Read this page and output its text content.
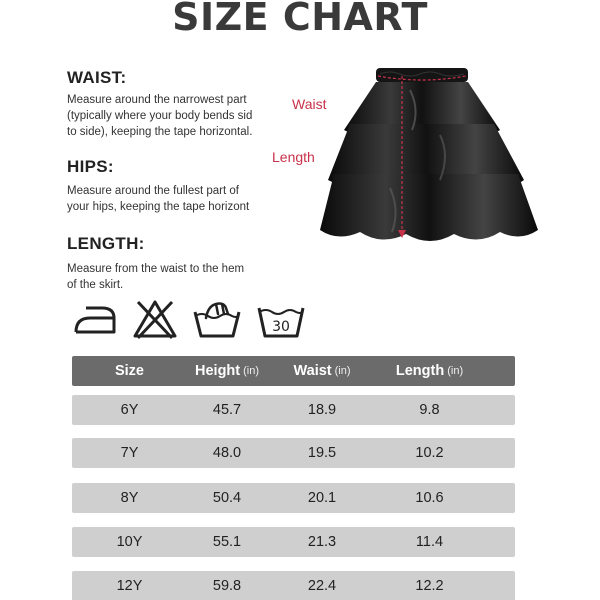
SIZE CHART
WAIST:
Measure around the narrowest part
(typically where your body bends sid
to side), keeping the tape horizontal.
HIPS:
Measure around the fullest part of
your hips, keeping the tape horizont
LENGTH:
Measure from the waist to the hem
of the skirt.
Waist
Length
30
Size	Height (in) Waist (in)	Length (in)
6Y	45.7	18.9	9.8
7Y	48.0	19.5	10.2
8Y	50.4	20.1	10.6
10Y	55.1	21.3	11.4
12Y	59.8	22.4	12.2
